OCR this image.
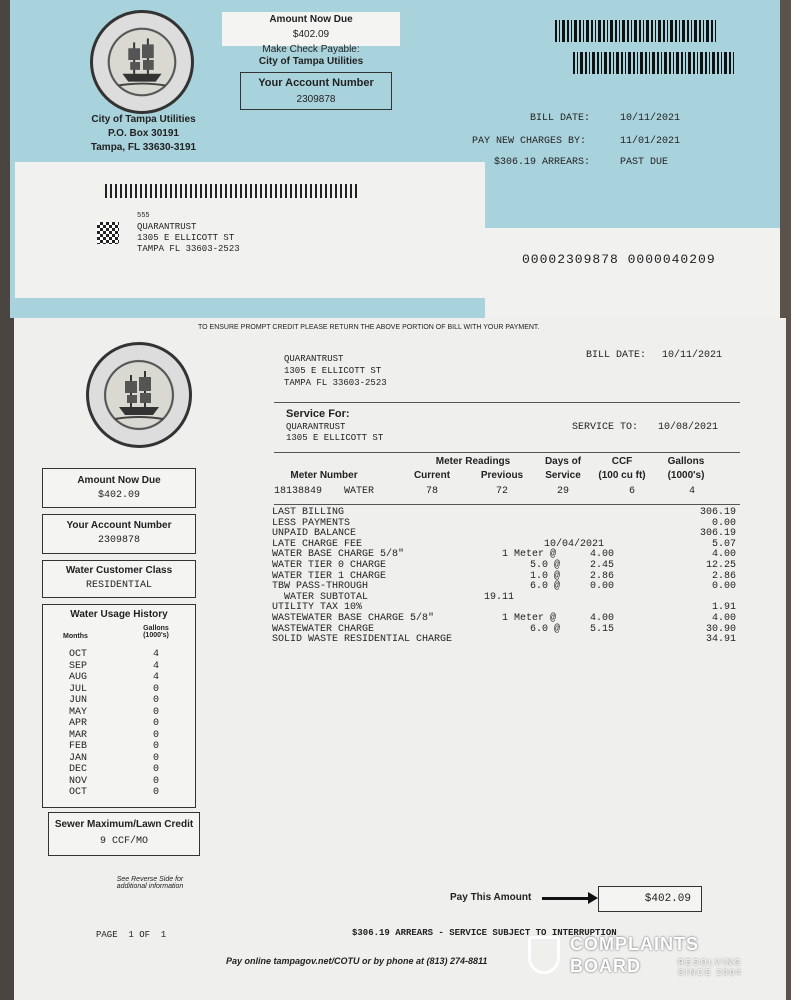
City of Tampa Utilities
P.O. Box 30191
Tampa, FL 33630-3191
Amount Now Due
$402.09
Make Check Payable:
City of Tampa Utilities
Your Account Number
2309878
BILL DATE:	10/11/2021
PAY NEW CHARGES BY:	11/01/2021
$306.19 ARREARS:	PAST DUE
555
QUARANTRUST
1305 E ELLICOTT ST
TAMPA FL 33603-2523
00002309878 0000040209
TO ENSURE PROMPT CREDIT PLEASE RETURN THE ABOVE PORTION OF BILL WITH YOUR PAYMENT.
QUARANTRUST
1305 E ELLICOTT ST
TAMPA FL 33603-2523
BILL DATE: 10/11/2021
Service For:
QUARANTRUST
1305 E ELLICOTT ST
SERVICE TO: 10/08/2021
Meter Readings	Days of	CCF	Gallons
Meter Number	Current	Previous	Service	(100 cu ft)	(1000's)
18138849 WATER	78	72	29	6	4
LAST BILLING	306.19
LESS PAYMENTS	0.00
UNPAID BALANCE	306.19
LATE CHARGE FEE	10/04/2021	5.07
WATER BASE CHARGE 5/8"	1 Meter @	4.00	4.00
WATER TIER 0 CHARGE	5.0 @	2.45	12.25
WATER TIER 1 CHARGE	1.0 @	2.86	2.86
TBW PASS-THROUGH	6.0 @	0.00	0.00
WATER SUBTOTAL	19.11
UTILITY TAX 10%	1.91
WASTEWATER BASE CHARGE 5/8"	1 Meter @	4.00	4.00
WASTEWATER CHARGE	6.0 @	5.15	30.90
SOLID WASTE RESIDENTIAL CHARGE	34.91
Amount Now Due
$402.09
Your Account Number
2309878
Water Customer Class
RESIDENTIAL
Water Usage History
Months
Gallons (1000's)
OCT	4
SEP	4
AUG	4
JUL	0
JUN	0
MAY	0
APR	0
MAR	0
FEB	0
JAN	0
DEC	0
NOV	0
OCT	0
Sewer Maximum/Lawn Credit
9 CCF/MO
See Reverse Side for additional information
Pay This Amount	$402.09
PAGE  1 OF  1	$306.19 ARREARS - SERVICE SUBJECT TO INTERRUPTION
Pay online tampagov.net/COTU or by phone at (813) 274-8811
COMPLAINTS
BOARD	RESOLVING
SINCE 2004
